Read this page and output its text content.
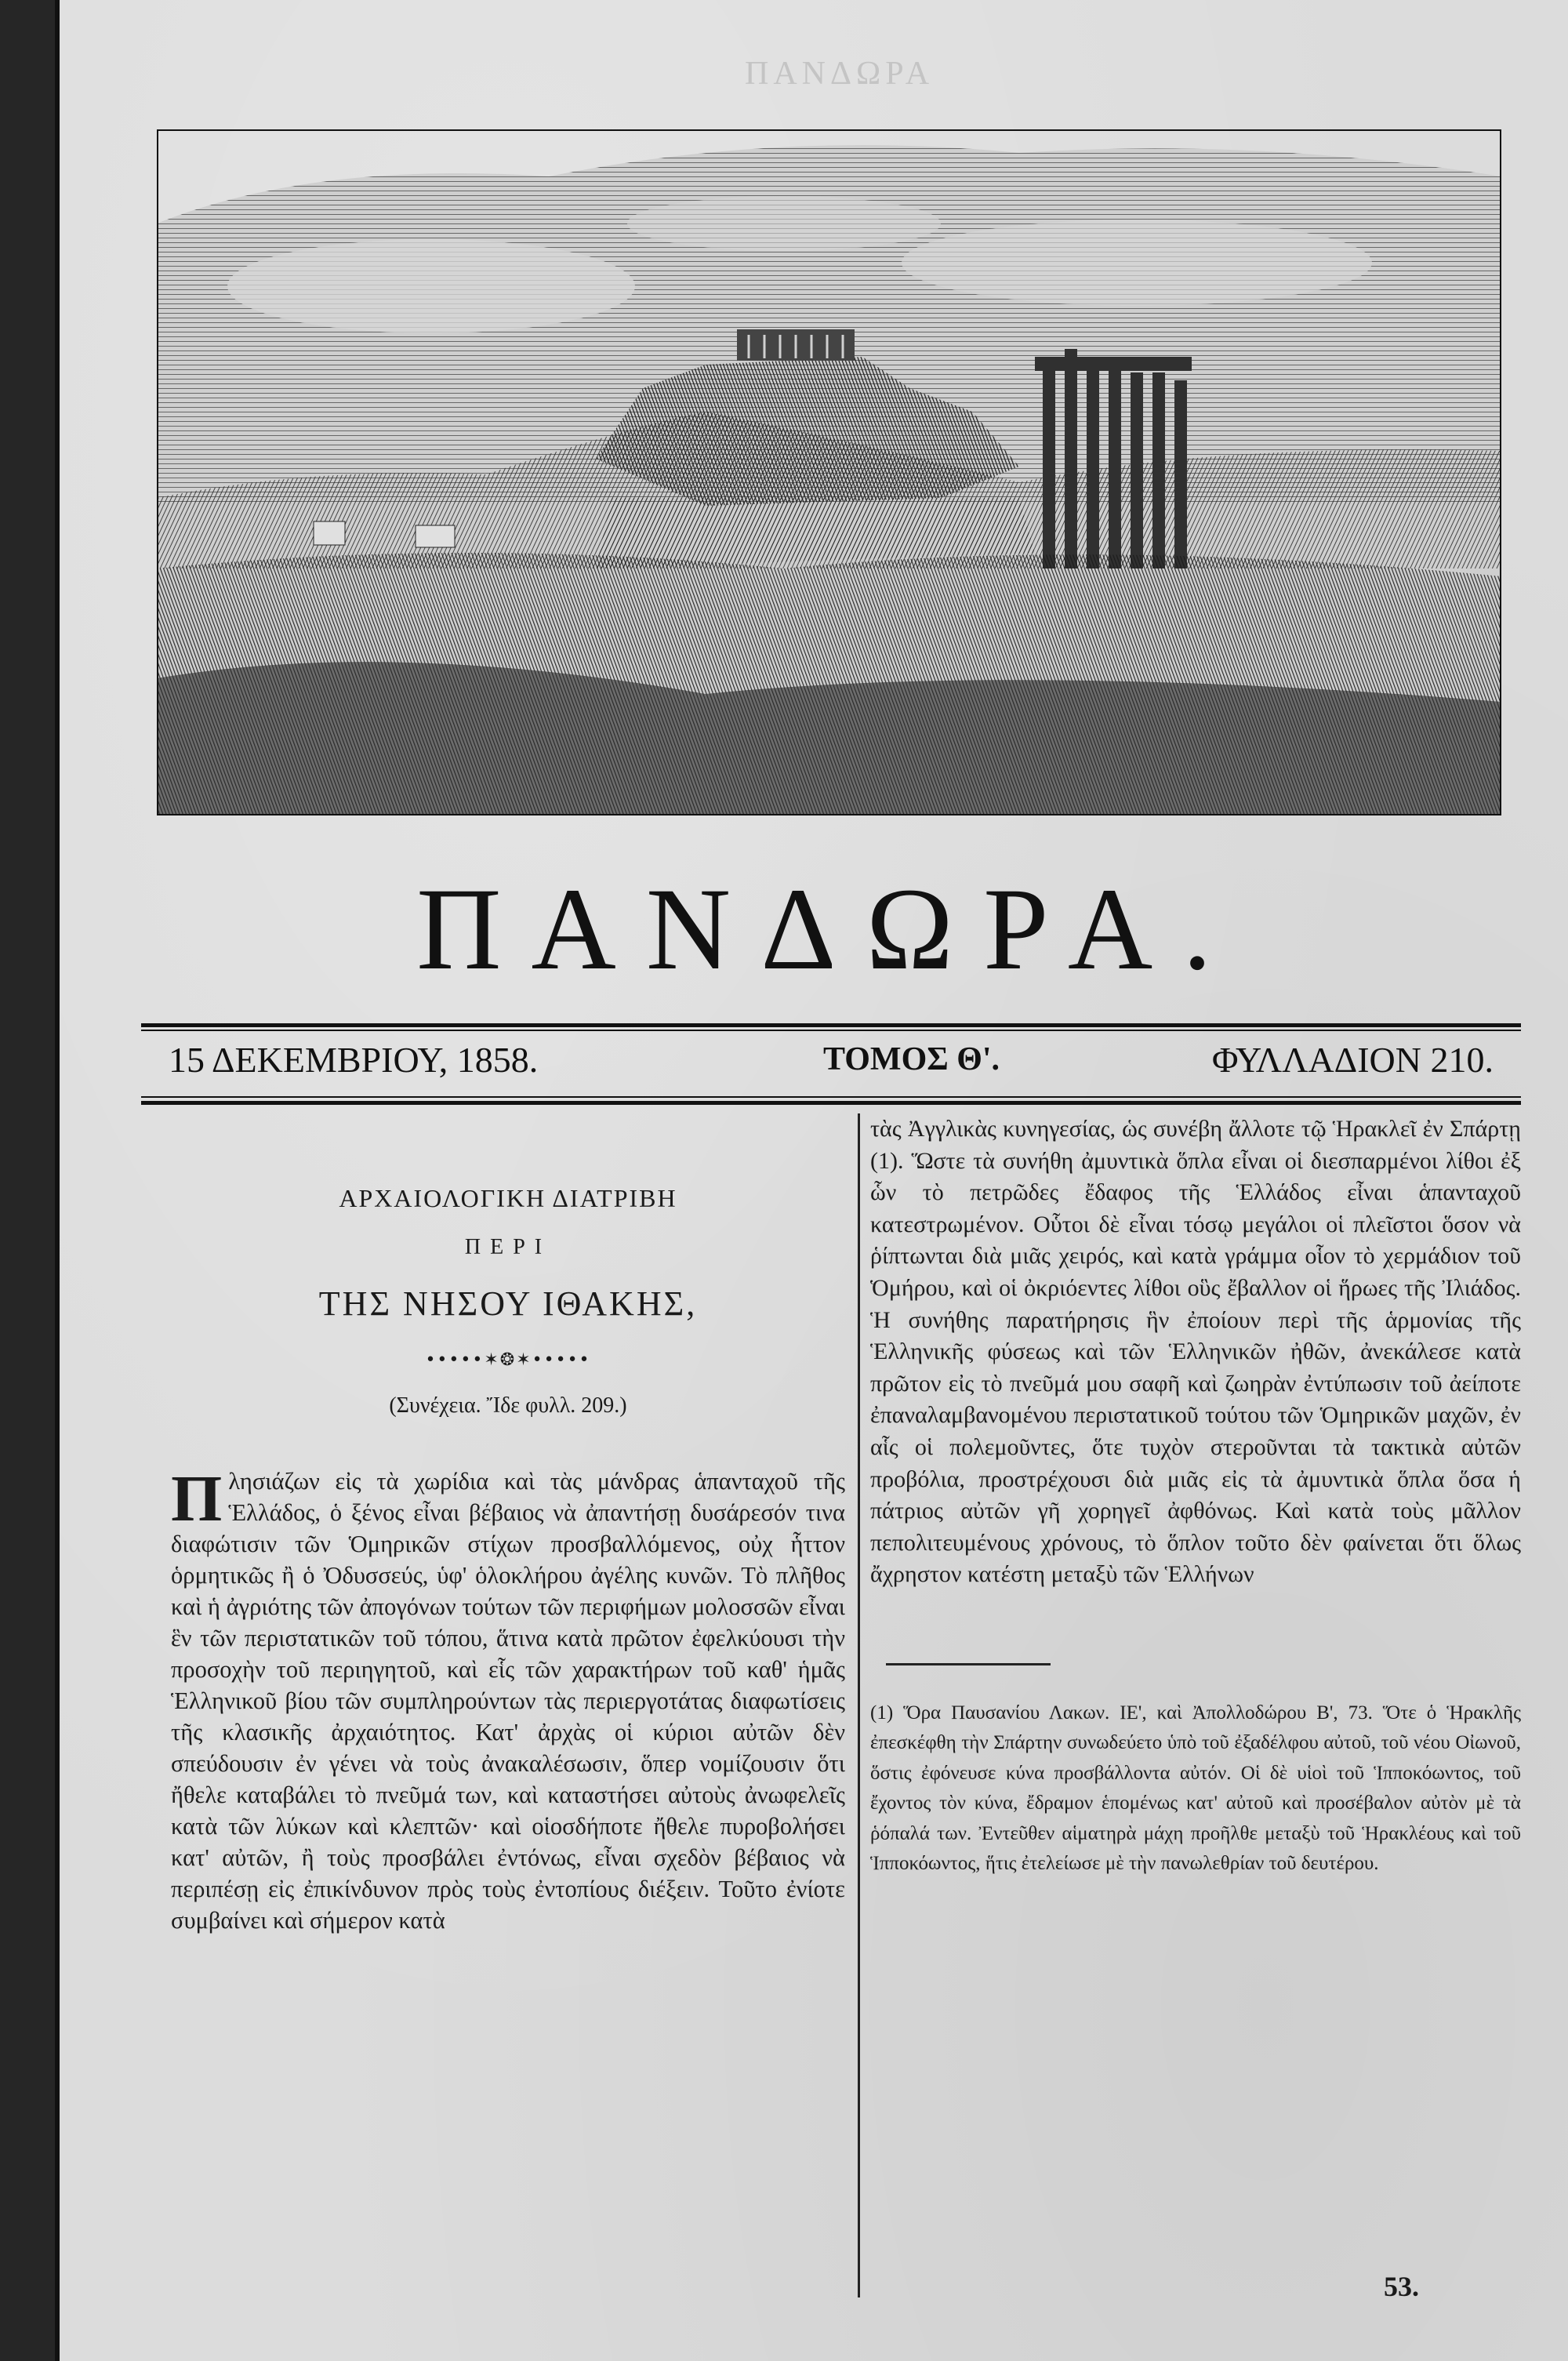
ΠΑΝΔΩΡΑ
ΠΑΝΔΩΡΑ.
15 ΔΕΚΕΜΒΡΙΟΥ, 1858.	ΤΟΜΟΣ Θ'.	ΦΥΛΛΑΔΙΟΝ 210.
ΑΡΧΑΙΟΛΟΓΙΚΗ ΔΙΑΤΡΙΒΗ
ΠΕΡΙ
ΤΗΣ ΝΗΣΟΥ ΙΘΑΚΗΣ,
•••••✶❂✶•••••
(Συνέχεια. Ἴδε φυλλ. 209.)
Πλησιάζων εἰς τὰ χωρίδια καὶ τὰς μάνδρας ἁπανταχοῦ τῆς Ἑλλάδος, ὁ ξένος εἶναι βέβαιος νὰ ἀπαντήσῃ δυσάρεσόν τινα διαφώτισιν τῶν Ὁμηρικῶν στίχων προσβαλλόμενος, οὐχ ἧττον ὁρμητικῶς ἢ ὁ Ὀδυσσεύς, ὑφ' ὁλοκλήρου ἀγέλης κυνῶν. Τὸ πλῆθος καὶ ἡ ἀγριότης τῶν ἀπογόνων τούτων τῶν περιφήμων μολοσσῶν εἶναι ἓν τῶν περιστατικῶν τοῦ τόπου, ἅτινα κατὰ πρῶτον ἐφελκύουσι τὴν προσοχὴν τοῦ περιηγητοῦ, καὶ εἷς τῶν χαρακτήρων τοῦ καθ' ἡμᾶς Ἑλληνικοῦ βίου τῶν συμπληρούντων τὰς περιεργοτάτας διαφωτίσεις τῆς κλασικῆς ἀρχαιότητος. Κατ' ἀρχὰς οἱ κύριοι αὐτῶν δὲν σπεύδουσιν ἐν γένει νὰ τοὺς ἀνακαλέσωσιν, ὅπερ νομίζουσιν ὅτι ἤθελε καταβάλει τὸ πνεῦμά των, καὶ καταστήσει αὐτοὺς ἀνωφελεῖς κατὰ τῶν λύκων καὶ κλεπτῶν· καὶ οἱοσδήποτε ἤθελε πυροβολήσει κατ' αὐτῶν, ἢ τοὺς προσβάλει ἐντόνως, εἶναι σχεδὸν βέβαιος νὰ περιπέσῃ εἰς ἐπικίνδυνον πρὸς τοὺς ἐντοπίους διέξειν. Τοῦτο ἐνίοτε συμβαίνει καὶ σήμερον κατὰ
τὰς Ἀγγλικὰς κυνηγεσίας, ὡς συνέβη ἄλλοτε τῷ Ἡρακλεῖ ἐν Σπάρτῃ (1). Ὥστε τὰ συνήθη ἀμυντικὰ ὅπλα εἶναι οἱ διεσπαρμένοι λίθοι ἐξ ὧν τὸ πετρῶδες ἔδαφος τῆς Ἑλλάδος εἶναι ἁπανταχοῦ κατεστρωμένον. Οὗτοι δὲ εἶναι τόσῳ μεγάλοι οἱ πλεῖστοι ὅσον νὰ ῥίπτωνται διὰ μιᾶς χειρός, καὶ κατὰ γράμμα οἷον τὸ χερμάδιον τοῦ Ὁμήρου, καὶ οἱ ὀκριόεντες λίθοι οὓς ἔβαλλον οἱ ἥρωες τῆς Ἰλιάδος. Ἡ συνήθης παρατήρησις ἣν ἐποίουν περὶ τῆς ἁρμονίας τῆς Ἑλληνικῆς φύσεως καὶ τῶν Ἑλληνικῶν ἠθῶν, ἀνεκάλεσε κατὰ πρῶτον εἰς τὸ πνεῦμά μου σαφῆ καὶ ζωηρὰν ἐντύπωσιν τοῦ ἀείποτε ἐπαναλαμβανομένου περιστατικοῦ τούτου τῶν Ὁμηρικῶν μαχῶν, ἐν αἷς οἱ πολεμοῦντες, ὅτε τυχὸν στεροῦνται τὰ τακτικὰ αὐτῶν προβόλια, προστρέχουσι διὰ μιᾶς εἰς τὰ ἀμυντικὰ ὅπλα ὅσα ἡ πάτριος αὐτῶν γῆ χορηγεῖ ἀφθόνως. Καὶ κατὰ τοὺς μᾶλλον πεπολιτευμένους χρόνους, τὸ ὅπλον τοῦτο δὲν φαίνεται ὅτι ὅλως ἄχρηστον κατέστη μεταξὺ τῶν Ἑλλήνων
(1) Ὅρα Παυσανίου Λακων. ΙΕ', καὶ Ἀπολλοδώρου Β', 73. Ὅτε ὁ Ἡρακλῆς ἐπεσκέφθη τὴν Σπάρτην συνωδεύετο ὑπὸ τοῦ ἐξαδέλφου αὐτοῦ, τοῦ νέου Οἰωνοῦ, ὅστις ἐφόνευσε κύνα προσβάλλοντα αὐτόν. Οἱ δὲ υἱοὶ τοῦ Ἱπποκόωντος, τοῦ ἔχοντος τὸν κύνα, ἔδραμον ἑπομένως κατ' αὐτοῦ καὶ προσέβαλον αὐτὸν μὲ τὰ ῥόπαλά των. Ἐντεῦθεν αἱματηρὰ μάχη προῆλθε μεταξὺ τοῦ Ἡρακλέους καὶ τοῦ Ἱπποκόωντος, ἥτις ἐτελείωσε μὲ τὴν πανωλεθρίαν τοῦ δευτέρου.
53.
